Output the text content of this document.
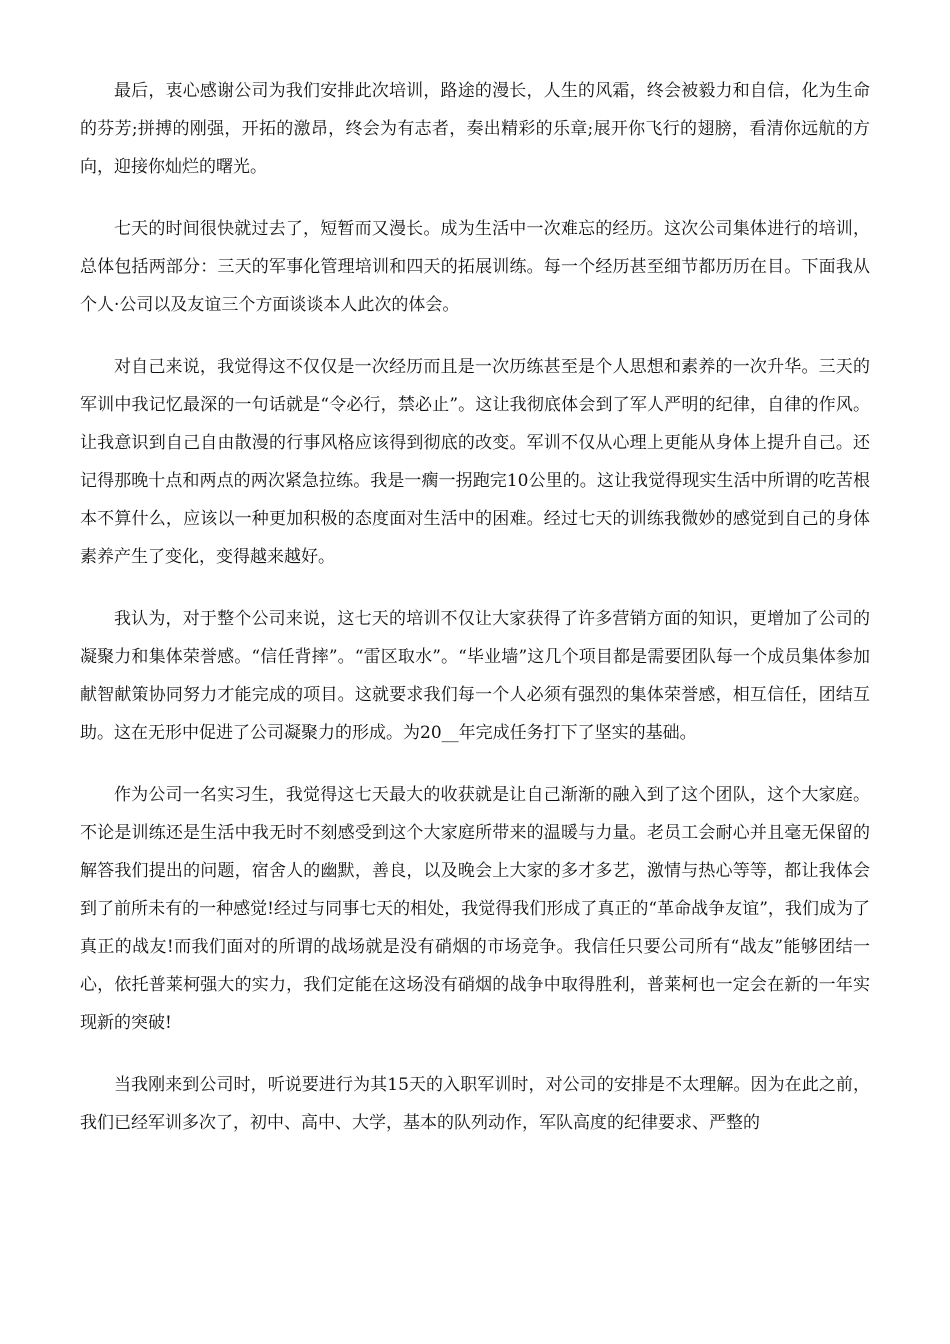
最后，衷心感谢公司为我们安排此次培训，路途的漫长，人生的风霜，终会被毅力和自信，化为生命的芬芳;拼搏的刚强，开拓的激昂，终会为有志者，奏出精彩的乐章;展开你飞行的翅膀，看清你远航的方向，迎接你灿烂的曙光。

七天的时间很快就过去了，短暂而又漫长。成为生活中一次难忘的经历。这次公司集体进行的培训，总体包括两部分：三天的军事化管理培训和四天的拓展训练。每一个经历甚至细节都历历在目。下面我从个人·公司以及友谊三个方面谈谈本人此次的体会。

对自己来说，我觉得这不仅仅是一次经历而且是一次历练甚至是个人思想和素养的一次升华。三天的军训中我记忆最深的一句话就是“令必行，禁必止”。这让我彻底体会到了军人严明的纪律，自律的作风。让我意识到自己自由散漫的行事风格应该得到彻底的改变。军训不仅从心理上更能从身体上提升自己。还记得那晚十点和两点的两次紧急拉练。我是一瘸一拐跑完10公里的。这让我觉得现实生活中所谓的吃苦根本不算什么，应该以一种更加积极的态度面对生活中的困难。经过七天的训练我微妙的感觉到自己的身体素养产生了变化，变得越来越好。

我认为，对于整个公司来说，这七天的培训不仅让大家获得了许多营销方面的知识，更增加了公司的凝聚力和集体荣誉感。“信任背摔”。“雷区取水”。“毕业墙”这几个项目都是需要团队每一个成员集体参加献智献策协同努力才能完成的项目。这就要求我们每一个人必须有强烈的集体荣誉感，相互信任，团结互助。这在无形中促进了公司凝聚力的形成。为20__年完成任务打下了坚实的基础。

作为公司一名实习生，我觉得这七天最大的收获就是让自己渐渐的融入到了这个团队，这个大家庭。不论是训练还是生活中我无时不刻感受到这个大家庭所带来的温暖与力量。老员工会耐心并且毫无保留的解答我们提出的问题，宿舍人的幽默，善良，以及晚会上大家的多才多艺，激情与热心等等，都让我体会到了前所未有的一种感觉!经过与同事七天的相处，我觉得我们形成了真正的“革命战争友谊”，我们成为了真正的战友!而我们面对的所谓的战场就是没有硝烟的市场竞争。我信任只要公司所有“战友”能够团结一心，依托普莱柯强大的实力，我们定能在这场没有硝烟的战争中取得胜利，普莱柯也一定会在新的一年实现新的突破!

当我刚来到公司时，听说要进行为其15天的入职军训时，对公司的安排是不太理解。因为在此之前，我们已经军训多次了，初中、高中、大学，基本的队列动作，军队高度的纪律要求、严整的
